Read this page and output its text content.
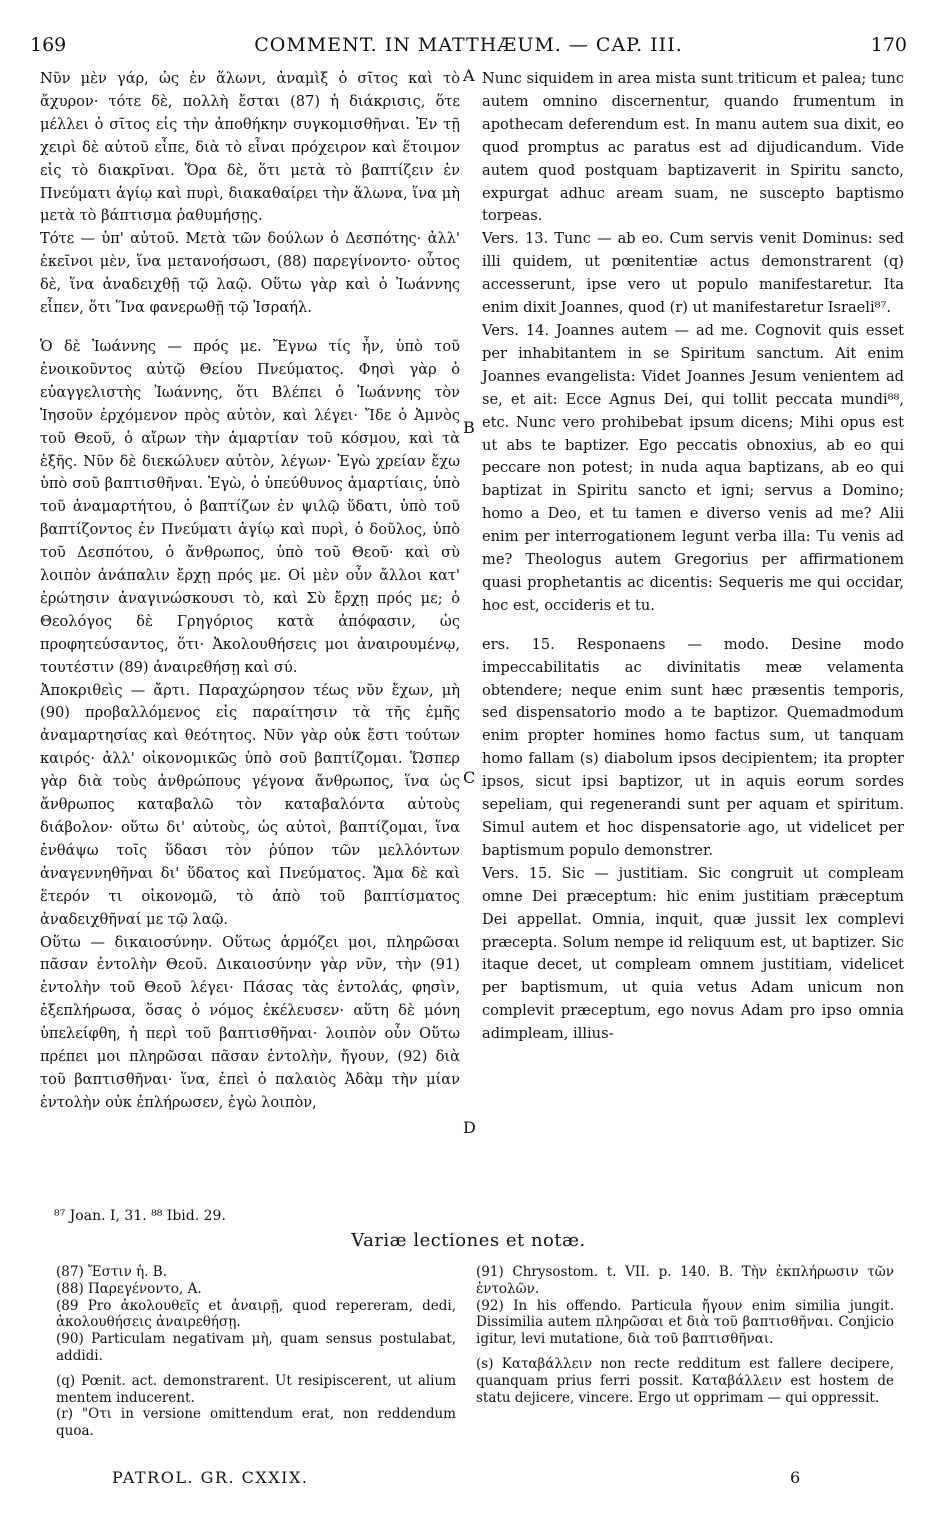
169	COMMENT. IN MATTHÆUM. — CAP. III.	170

Νῦν μὲν γάρ, ὡς ἐν ἅλωνι, ἀναμὶξ ὁ σῖτος καὶ τὸ ἄχυρον· τότε δὲ, πολλὴ ἔσται (87) ἡ διάκρισις, ὅτε μέλλει ὁ σῖτος εἰς τὴν ἀποθήκην συγκομισθῆναι. Ἐν τῇ χειρὶ δὲ αὐτοῦ εἶπε, διὰ τὸ εἶναι πρόχειρον καὶ ἕτοιμον εἰς τὸ διακρῖναι. Ὅρα δὲ, ὅτι μετὰ τὸ βαπτίζειν ἐν Πνεύματι ἁγίῳ καὶ πυρὶ, διακαθαίρει τὴν ἅλωνα, ἵνα μὴ μετὰ τὸ βάπτισμα ῥαθυμήσῃς.

Τότε — ὑπ' αὐτοῦ. Μετὰ τῶν δούλων ὁ Δεσπότης· ἀλλ' ἐκεῖνοι μὲν, ἵνα μετανοήσωσι, (88) παρεγίνοντο· οὗτος δὲ, ἵνα ἀναδειχθῇ τῷ λαῷ. Οὕτω γὰρ καὶ ὁ Ἰωάννης εἶπεν, ὅτι Ἵνα φανερωθῇ τῷ Ἰσραήλ.

Ὁ δὲ Ἰωάννης — πρός με. Ἔγνω τίς ἦν, ὑπὸ τοῦ ἐνοικοῦντος αὐτῷ Θείου Πνεύματος. Φησὶ γὰρ ὁ εὐαγγελιστὴς Ἰωάννης, ὅτι Βλέπει ὁ Ἰωάννης τὸν Ἰησοῦν ἐρχόμενον πρὸς αὐτὸν, καὶ λέγει· Ἴδε ὁ Ἀμνὸς τοῦ Θεοῦ, ὁ αἴρων τὴν ἁμαρτίαν τοῦ κόσμου, καὶ τὰ ἑξῆς. Νῦν δὲ διεκώλυεν αὐτὸν, λέγων· Ἐγὼ χρείαν ἔχω ὑπὸ σοῦ βαπτισθῆναι. Ἐγὼ, ὁ ὑπεύθυνος ἁμαρτίαις, ὑπὸ τοῦ ἀναμαρτήτου, ὁ βαπτίζων ἐν ψιλῷ ὕδατι, ὑπὸ τοῦ βαπτίζοντος ἐν Πνεύματι ἁγίῳ καὶ πυρὶ, ὁ δοῦλος, ὑπὸ τοῦ Δεσπότου, ὁ ἄνθρωπος, ὑπὸ τοῦ Θεοῦ· καὶ σὺ λοιπὸν ἀνάπαλιν ἔρχῃ πρός με. Οἱ μὲν οὖν ἄλλοι κατ' ἐρώτησιν ἀναγινώσκουσι τὸ, καὶ Σὺ ἔρχῃ πρός με; ὁ Θεολόγος δὲ Γρηγόριος κατὰ ἀπόφασιν, ὡς προφητεύσαντος, ὅτι· Ἀκολουθήσεις μοι ἀναιρουμένῳ, τουτέστιν (89) ἀναιρεθήσῃ καὶ σύ.

Ἀποκριθεὶς — ἄρτι. Παραχώρησον τέως νῦν ἔχων, μὴ (90) προβαλλόμενος εἰς παραίτησιν τὰ τῆς ἐμῆς ἀναμαρτησίας καὶ θεότητος. Νῦν γὰρ οὐκ ἔστι τούτων καιρός· ἀλλ' οἰκονομικῶς ὑπὸ σοῦ βαπτίζομαι. Ὥσπερ γὰρ διὰ τοὺς ἀνθρώπους γέγονα ἄνθρωπος, ἵνα ὡς ἄνθρωπος καταβαλῶ τὸν καταβαλόντα αὐτοὺς διάβολον· οὕτω δι' αὐτοὺς, ὡς αὐτοὶ, βαπτίζομαι, ἵνα ἐνθάψω τοῖς ὕδασι τὸν ῥύπον τῶν μελλόντων ἀναγεννηθῆναι δι' ὕδατος καὶ Πνεύματος. Ἅμα δὲ καὶ ἕτερόν τι οἰκονομῶ, τὸ ἀπὸ τοῦ βαπτίσματος ἀναδειχθῆναί με τῷ λαῷ.

Οὕτω — δικαιοσύνην. Οὕτως ἁρμόζει μοι, πληρῶσαι πᾶσαν ἐντολὴν Θεοῦ. Δικαιοσύνην γὰρ νῦν, τὴν (91) ἐντολὴν τοῦ Θεοῦ λέγει· Πάσας τὰς ἐντολάς, φησὶν, ἐξεπλήρωσα, ὅσας ὁ νόμος ἐκέλευσεν· αὕτη δὲ μόνη ὑπελείφθη, ἡ περὶ τοῦ βαπτισθῆναι· λοιπὸν οὖν Οὕτω πρέπει μοι πληρῶσαι πᾶσαν ἐντολὴν, ἤγουν, (92) διὰ τοῦ βαπτισθῆναι· ἵνα, ἐπεὶ ὁ παλαιὸς Ἀδὰμ τὴν μίαν ἐντολὴν οὐκ ἐπλήρωσεν, ἐγὼ λοιπὸν,

Nunc siquidem in area mista sunt triticum et palea; tunc autem omnino discernentur, quando frumentum in apothecam deferendum est. In manu autem sua dixit, eo quod promptus ac paratus est ad dijudicandum. Vide autem quod postquam baptizaverit in Spiritu sancto, expurgat adhuc aream suam, ne suscepto baptismo torpeas.

Vers. 13. Tunc — ab eo. Cum servis venit Dominus: sed illi quidem, ut pœnitentiæ actus demonstrarent (q) accesserunt, ipse vero ut populo manifestaretur. Ita enim dixit Joannes, quod (r) ut manifestaretur Israeli⁸⁷.

Vers. 14. Joannes autem — ad me. Cognovit quis esset per inhabitantem in se Spiritum sanctum. Ait enim Joannes evangelista: Videt Joannes Jesum venientem ad se, et ait: Ecce Agnus Dei, qui tollit peccata mundi⁸⁸, etc. Nunc vero prohibebat ipsum dicens; Mihi opus est ut abs te baptizer. Ego peccatis obnoxius, ab eo qui peccare non potest; in nuda aqua baptizans, ab eo qui baptizat in Spiritu sancto et igni; servus a Domino; homo a Deo, et tu tamen e diverso venis ad me? Alii enim per interrogationem legunt verba illa: Tu venis ad me? Theologus autem Gregorius per affirmationem quasi prophetantis ac dicentis: Sequeris me qui occidar, hoc est, occideris et tu.

ers. 15. Responaens — modo. Desine modo impeccabilitatis ac divinitatis meæ velamenta obtendere; neque enim sunt hæc præsentis temporis, sed dispensatorio modo a te baptizor. Quemadmodum enim propter homines homo factus sum, ut tanquam homo fallam (s) diabolum ipsos decipientem; ita propter ipsos, sicut ipsi baptizor, ut in aquis eorum sordes sepeliam, qui regenerandi sunt per aquam et spiritum. Simul autem et hoc dispensatorie ago, ut videlicet per baptismum populo demonstrer.

Vers. 15. Sic — justitiam. Sic congruit ut compleam omne Dei præceptum: hic enim justitiam præceptum Dei appellat. Omnia, inquit, quæ jussit lex complevi præcepta. Solum nempe id reliquum est, ut baptizer. Sic itaque decet, ut compleam omnem justitiam, videlicet per baptismum, ut quia vetus Adam unicum non complevit præceptum, ego novus Adam pro ipso omnia adimpleam, illius-

A
B
C
D
⁸⁷ Joan. I, 31. ⁸⁸ Ibid. 29.
Variæ lectiones et notæ.

(87) Ἔστιν ἡ. B.

(88) Παρεγένοντο, A.

(89 Pro ἀκολουθεῖς et ἀναιρῇ, quod repereram, dedi, ἀκολουθήσεις ἀναιρεθήσῃ.

(90) Particulam negativam μὴ, quam sensus postulabat, addidi.

(q) Pœnit. act. demonstrarent. Ut resipiscerent, ut alium mentem inducerent.

(r) "Oτι in versione omittendum erat, non reddendum quoa.

(91) Chrysostom. t. VII. p. 140. B. Τὴν ἐκπλήρωσιν τῶν ἐντολῶν.

(92) In his offendo. Particula ἤγουν enim similia jungit. Dissimilia autem πληρῶσαι et διὰ τοῦ βαπτισθῆναι. Conjicio igitur, levi mutatione, διὰ τοῦ βαπτισθῆναι.

(s) Καταβάλλειν non recte redditum est fallere decipere, quanquam prius ferri possit. Καταβάλλειν est hostem de statu dejicere, vincere. Ergo ut opprimam — qui oppressit.

PATROL. GR. CXXIX.	6
